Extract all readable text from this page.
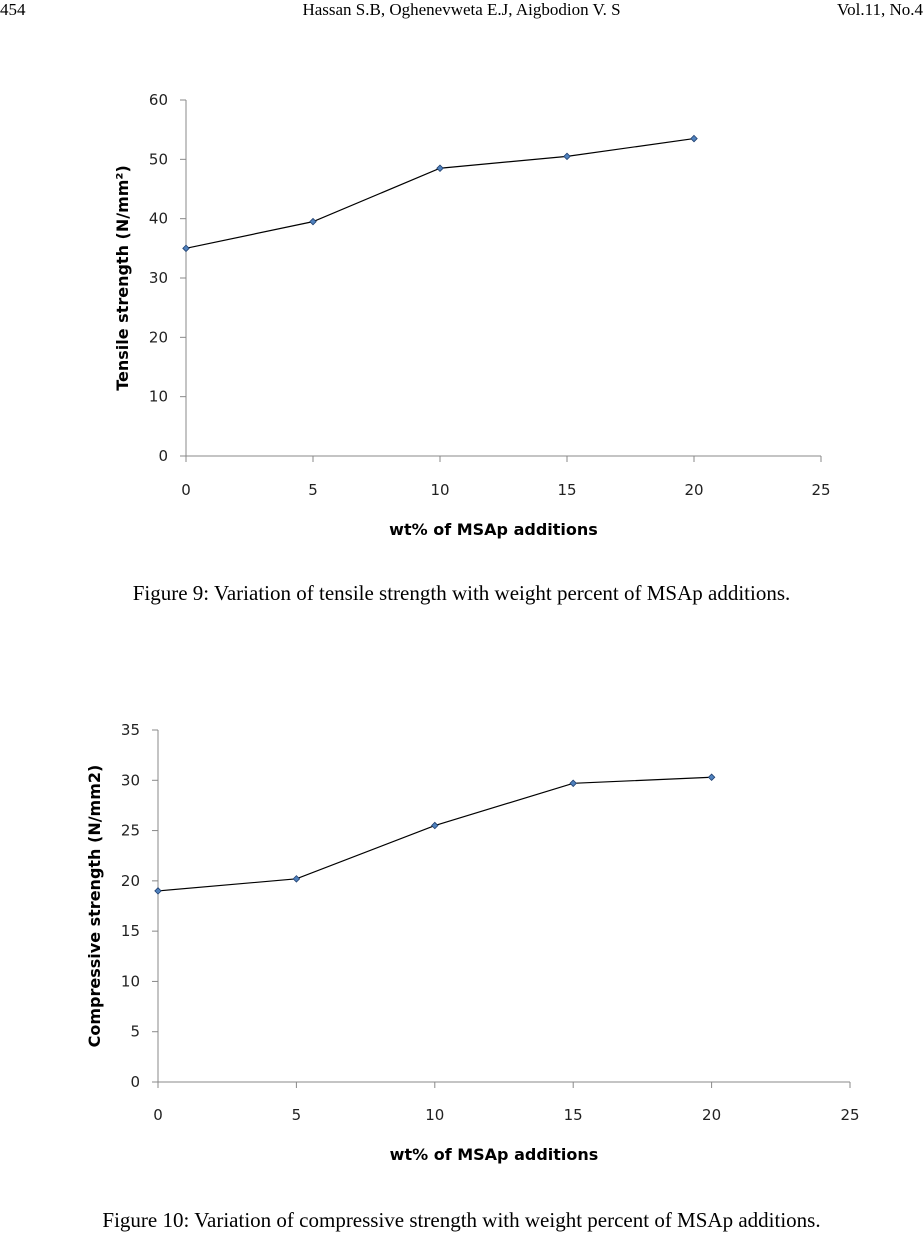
454	Hassan S.B, Oghenevweta E.J, Aigbodion V. S	Vol.11, No.4
0
10
20
30
40
50
60
0	5	10	15	20	25
wt% of MSAp additions
Tensile strength (N/mm²)
Figure 9: Variation of tensile strength with weight percent of MSAp additions.
0
5
10
15
20
25
30
35
0	5	10	15	20	25
wt% of MSAp additions
Compressive strength (N/mm2)
Figure 10: Variation of compressive strength with weight percent of MSAp additions.
